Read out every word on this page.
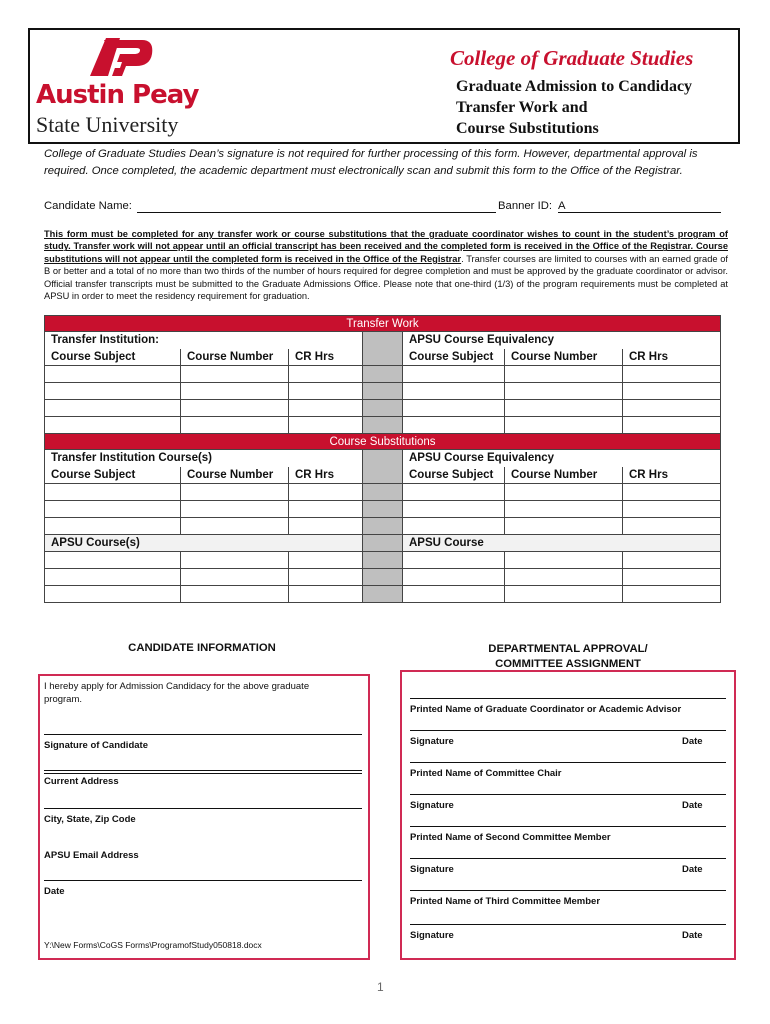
Austin Peay
State University
College of Graduate Studies
Graduate Admission to Candidacy
Transfer Work and
Course Substitutions
College of Graduate Studies Dean’s signature is not required for further processing of this form. However, departmental approval is required. Once completed, the academic department must electronically scan and submit this form to the Office of the Registrar.
Candidate Name:	Banner ID: A
This form must be completed for any transfer work or course substitutions that the graduate coordinator wishes to count in the student’s program of study. Transfer work will not appear until an official transcript has been received and the completed form is received in the Office of the Registrar. Course substitutions will not appear until the completed form is received in the Office of the Registrar. Transfer courses are limited to courses with an earned grade of B or better and a total of no more than two thirds of the number of hours required for degree completion and must be approved by the graduate coordinator or advisor. Official transfer transcripts must be submitted to the Graduate Admissions Office. Please note that one-third (1/3) of the program requirements must be completed at APSU in order to meet the residency requirement for graduation.
Transfer Work						
Transfer Institution:				APSU Course Equivalency		
Course Subject	Course Number	CR Hrs		Course Subject	Course Number	CR Hrs

Course Substitutions						
Transfer Institution Course(s)				APSU Course Equivalency		
Course Subject	Course Number	CR Hrs		Course Subject	Course Number	CR Hrs

APSU Course(s)				APSU Course		

CANDIDATE INFORMATION	DEPARTMENTAL APPROVAL/
COMMITTEE ASSIGNMENT
I hereby apply for Admission Candidacy for the above graduate program.
Signature of Candidate
Current Address
City, State, Zip Code
APSU Email Address
Date
Printed Name of Graduate Coordinator or Academic Advisor
Signature	Date
Printed Name of Committee Chair
Signature	Date
Printed Name of Second Committee Member
Signature	Date
Printed Name of Third Committee Member
Signature	Date
Y:\New Forms\CoGS Forms\ProgramofStudy050818.docx
1
